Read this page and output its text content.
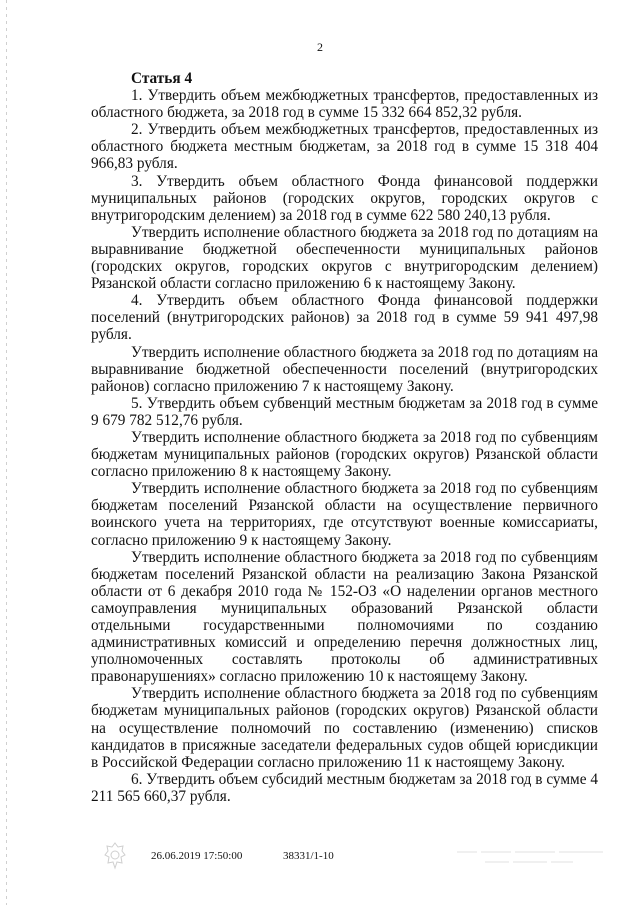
2
Статья 4

1. Утвердить объем межбюджетных трансфертов, предоставленных из областного бюджета, за 2018 год в сумме 15 332 664 852,32 рубля.

2. Утвердить объем межбюджетных трансфертов, предоставленных из областного бюджета местным бюджетам, за 2018 год в сумме 15 318 404 966,83 рубля.

3. Утвердить объем областного Фонда финансовой поддержки муниципальных районов (городских округов, городских округов с внутригородским делением) за 2018 год в сумме 622 580 240,13 рубля.

Утвердить исполнение областного бюджета за 2018 год по дотациям на выравнивание бюджетной обеспеченности муниципальных районов (городских округов, городских округов с внутригородским делением) Рязанской области согласно приложению 6 к настоящему Закону.

4. Утвердить объем областного Фонда финансовой поддержки поселений (внутригородских районов) за 2018 год в сумме 59 941 497,98 рубля.

Утвердить исполнение областного бюджета за 2018 год по дотациям на выравнивание бюджетной обеспеченности поселений (внутригородских районов) согласно приложению 7 к настоящему Закону.

5. Утвердить объем субвенций местным бюджетам за 2018 год в сумме 9 679 782 512,76 рубля.

Утвердить исполнение областного бюджета за 2018 год по субвенциям бюджетам муниципальных районов (городских округов) Рязанской области согласно приложению 8 к настоящему Закону.

Утвердить исполнение областного бюджета за 2018 год по субвенциям бюджетам поселений Рязанской области на осуществление первичного воинского учета на территориях, где отсутствуют военные комиссариаты, согласно приложению 9 к настоящему Закону.

Утвердить исполнение областного бюджета за 2018 год по субвенциям бюджетам поселений Рязанской области на реализацию Закона Рязанской области от 6 декабря 2010 года № 152-ОЗ «О наделении органов местного самоуправления муниципальных образований Рязанской области отдельными государственными полномочиями по созданию административных комиссий и определению перечня должностных лиц, уполномоченных составлять протоколы об административных правонарушениях» согласно приложению 10 к настоящему Закону.

Утвердить исполнение областного бюджета за 2018 год по субвенциям бюджетам муниципальных районов (городских округов) Рязанской области на осуществление полномочий по составлению (изменению) списков кандидатов в присяжные заседатели федеральных судов общей юрисдикции в Российской Федерации согласно приложению 11 к настоящему Закону.

6. Утвердить объем субсидий местным бюджетам за 2018 год в сумме 4 211 565 660,37 рубля.

26.06.2019 17:50:00	38331/1-10
